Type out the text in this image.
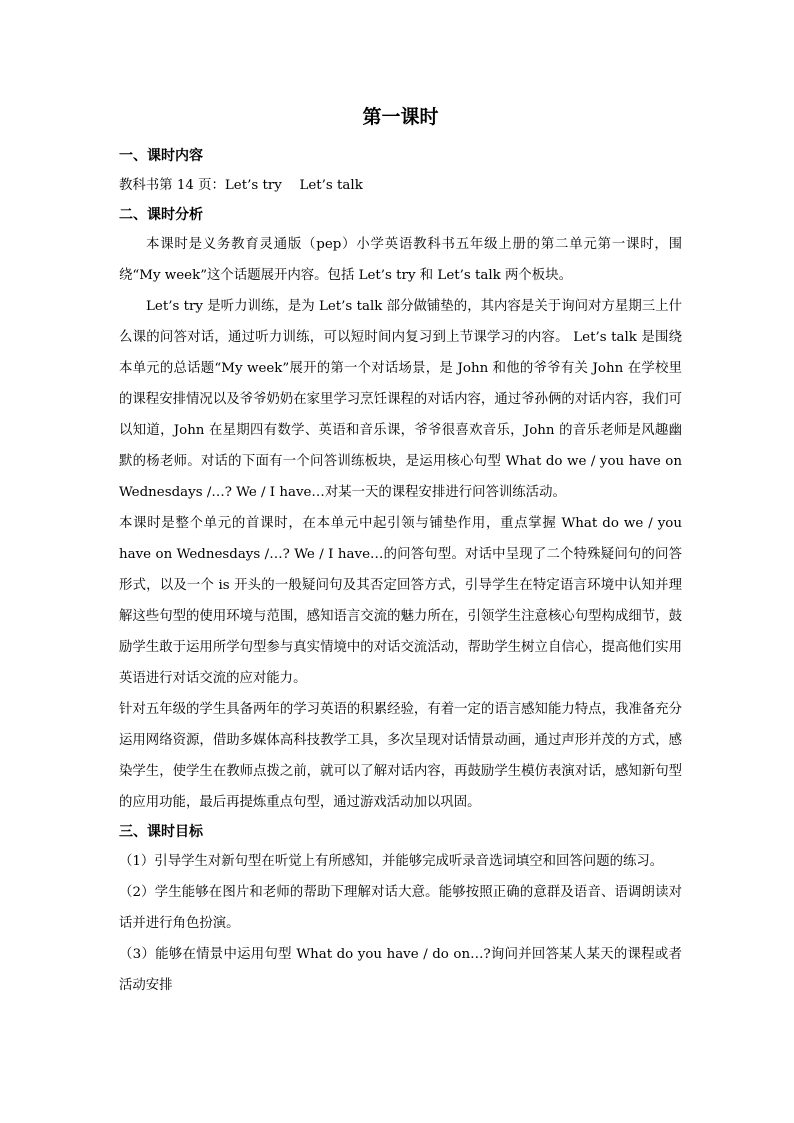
第一课时

一、课时内容

教科书第 14 页：Let’s try　 Let’s talk

二、课时分析

本课时是义务教育灵通版（pep）小学英语教科书五年级上册的第二单元第一课时，围绕“My week”这个话题展开内容。包括 Let’s try 和 Let’s talk 两个板块。

Let’s try 是听力训练，是为 Let’s talk 部分做铺垫的，其内容是关于询问对方星期三上什么课的问答对话，通过听力训练，可以短时间内复习到上节课学习的内容。 Let’s talk 是围绕本单元的总话题“My week”展开的第一个对话场景，是 John 和他的爷爷有关 John 在学校里的课程安排情况以及爷爷奶奶在家里学习烹饪课程的对话内容，通过爷孙俩的对话内容，我们可以知道，John 在星期四有数学、英语和音乐课，爷爷很喜欢音乐，John 的音乐老师是风趣幽默的杨老师。对话的下面有一个问答训练板块，是运用核心句型 What do we / you have on Wednesdays /…? We / I have…对某一天的课程安排进行问答训练活动。

本课时是整个单元的首课时，在本单元中起引领与铺垫作用，重点掌握 What do we / you have on Wednesdays /…? We / I have…的问答句型。对话中呈现了二个特殊疑问句的问答形式，以及一个 is 开头的一般疑问句及其否定回答方式，引导学生在特定语言环境中认知并理解这些句型的使用环境与范围，感知语言交流的魅力所在，引领学生注意核心句型构成细节，鼓励学生敢于运用所学句型参与真实情境中的对话交流活动，帮助学生树立自信心，提高他们实用英语进行对话交流的应对能力。

针对五年级的学生具备两年的学习英语的积累经验，有着一定的语言感知能力特点，我准备充分运用网络资源，借助多媒体高科技教学工具，多次呈现对话情景动画，通过声形并茂的方式，感染学生，使学生在教师点拨之前，就可以了解对话内容，再鼓励学生模仿表演对话，感知新句型的应用功能，最后再提炼重点句型，通过游戏活动加以巩固。

三、课时目标

（1）引导学生对新句型在听觉上有所感知，并能够完成听录音选词填空和回答问题的练习。

（2）学生能够在图片和老师的帮助下理解对话大意。能够按照正确的意群及语音、语调朗读对话并进行角色扮演。

（3）能够在情景中运用句型 What do you have / do on…?询问并回答某人某天的课程或者活动安排
